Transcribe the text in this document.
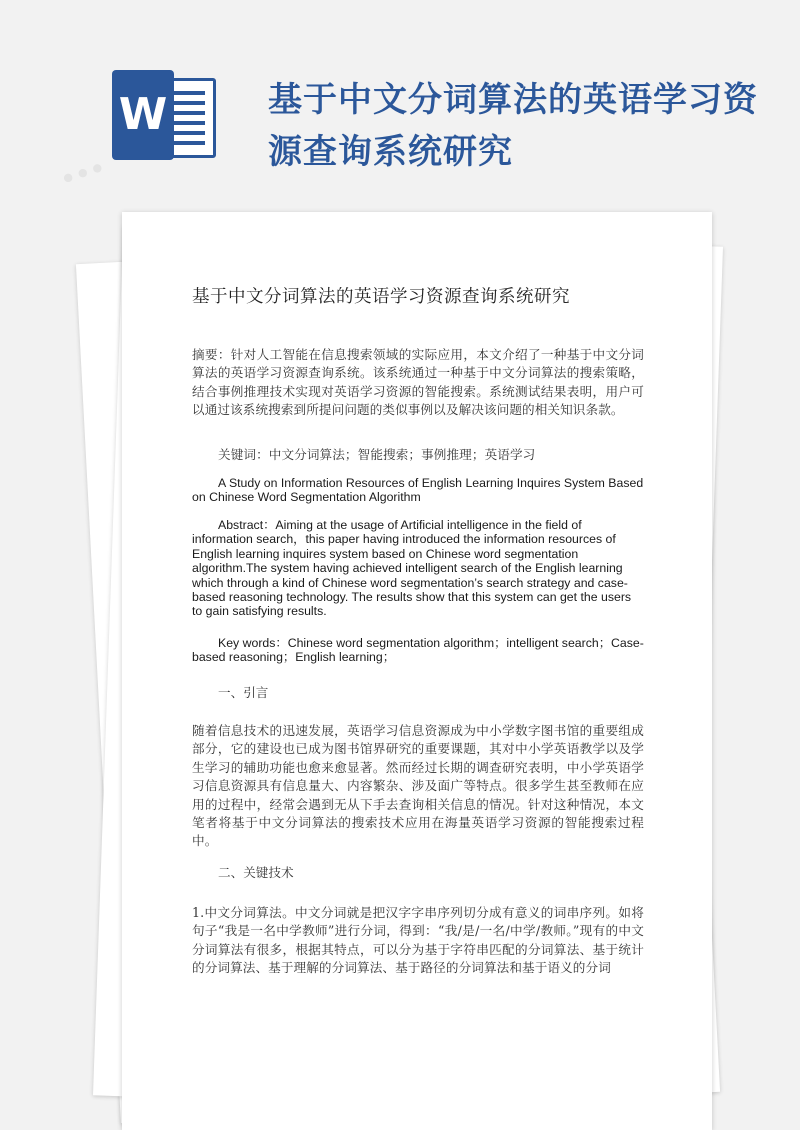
•••
W	基于中文分词算法的英语学习资源查询系统研究
基于中文分词算法的英语学习资源查询系统研究

摘要：针对人工智能在信息搜索领域的实际应用，本文介绍了一种基于中文分词算法的英语学习资源查询系统。该系统通过一种基于中文分词算法的搜索策略，结合事例推理技术实现对英语学习资源的智能搜索。系统测试结果表明，用户可以通过该系统搜索到所提问问题的类似事例以及解决该问题的相关知识条款。

关键词：中文分词算法；智能搜索；事例推理；英语学习

A Study on Information Resources of English Learning Inquires System Based on Chinese Word Segmentation Algorithm

Abstract：Aiming at the usage of Artificial intelligence in the field of information search，this paper having introduced the information resources of English learning inquires system based on Chinese word segmentation algorithm.The system having achieved intelligent search of the English learning which through a kind of Chinese word segmentation’s search strategy and case-based reasoning technology. The results show that this system can get the users to gain satisfying results.

Key words：Chinese word segmentation algorithm；intelligent search；Case-based reasoning；English learning；

一、引言

随着信息技术的迅速发展，英语学习信息资源成为中小学数字图书馆的重要组成部分，它的建设也已成为图书馆界研究的重要课题，其对中小学英语教学以及学生学习的辅助功能也愈来愈显著。然而经过长期的调查研究表明，中小学英语学习信息资源具有信息量大、内容繁杂、涉及面广等特点。很多学生甚至教师在应用的过程中，经常会遇到无从下手去查询相关信息的情况。针对这种情况，本文笔者将基于中文分词算法的搜索技术应用在海量英语学习资源的智能搜索过程中。

二、关键技术

1.中文分词算法。中文分词就是把汉字字串序列切分成有意义的词串序列。如将句子“我是一名中学教师”进行分词，得到：“我/是/一名/中学/教师。”现有的中文分词算法有很多，根据其特点，可以分为基于字符串匹配的分词算法、基于统计的分词算法、基于理解的分词算法、基于路径的分词算法和基于语义的分词
